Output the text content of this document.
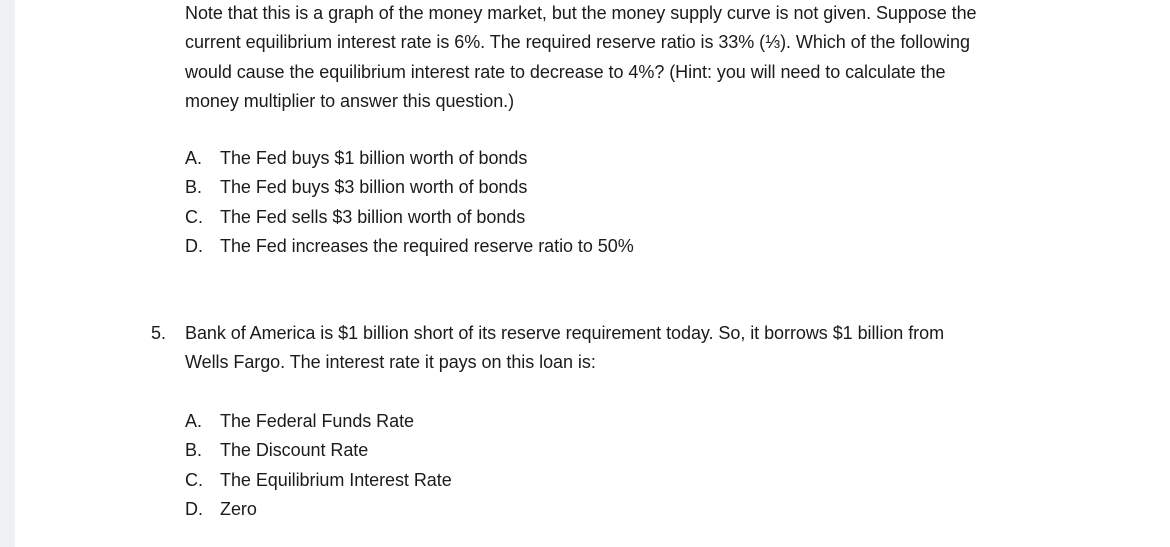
Note that this is a graph of the money market, but the money supply curve is not given. Suppose the
current equilibrium interest rate is 6%. The required reserve ratio is 33% (⅓). Which of the following
would cause the equilibrium interest rate to decrease to 4%? (Hint: you will need to calculate the
money multiplier to answer this question.)
A.	The Fed buys $1 billion worth of bonds
B.	The Fed buys $3 billion worth of bonds
C. The Fed sells $3 billion worth of bonds
D. The Fed increases the required reserve ratio to 50%
5. Bank of America is $1 billion short of its reserve requirement today. So, it borrows $1 billion from
Wells Fargo. The interest rate it pays on this loan is:
A.	The Federal Funds Rate
B.	The Discount Rate
C. The Equilibrium Interest Rate
D. Zero
